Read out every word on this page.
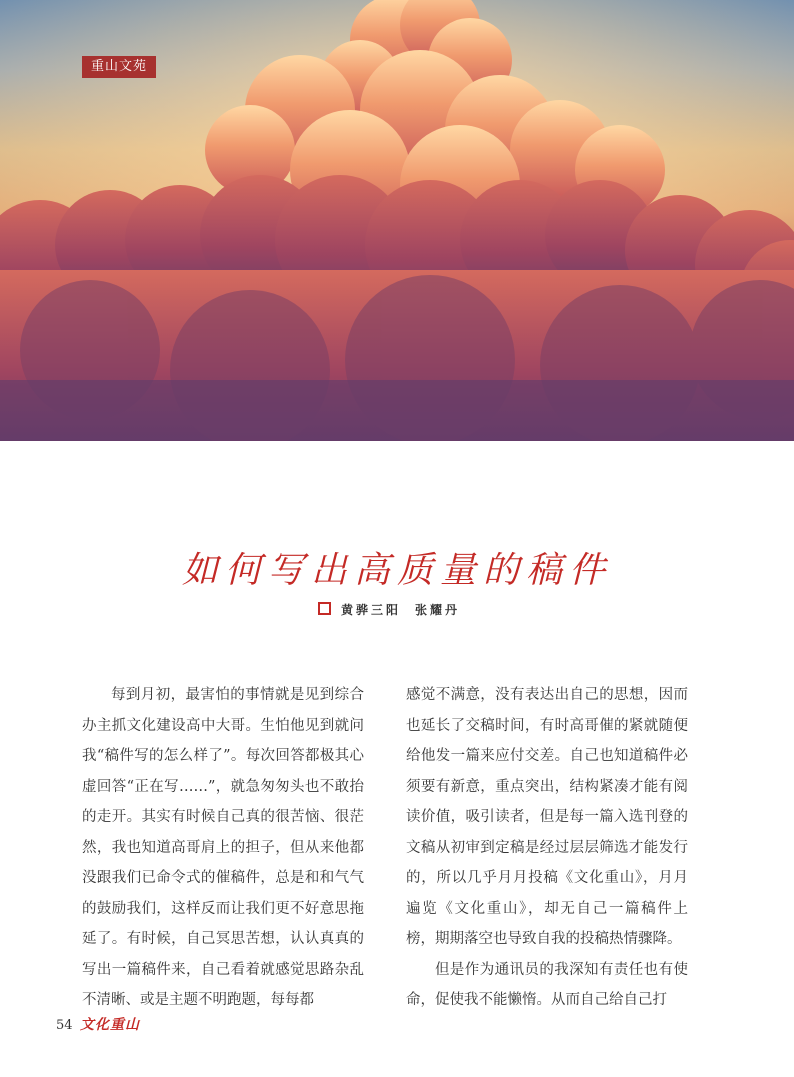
重山文苑
如何写出高质量的稿件
黄骅三阳 张耀丹

每到月初，最害怕的事情就是见到综合办主抓文化建设高中大哥。生怕他见到就问我“稿件写的怎么样了”。每次回答都极其心虚回答“正在写……”，就急匆匆头也不敢抬的走开。其实有时候自己真的很苦恼、很茫然，我也知道高哥肩上的担子，但从来他都没跟我们已命令式的催稿件，总是和和气气的鼓励我们，这样反而让我们更不好意思拖延了。有时候，自己冥思苦想，认认真真的写出一篇稿件来，自己看着就感觉思路杂乱不清晰、或是主题不明跑题，每每都

感觉不满意，没有表达出自己的思想，因而也延长了交稿时间，有时高哥催的紧就随便给他发一篇来应付交差。自己也知道稿件必须要有新意，重点突出，结构紧凑才能有阅读价值，吸引读者，但是每一篇入选刊登的文稿从初审到定稿是经过层层筛选才能发行的，所以几乎月月投稿《文化重山》，月月遍览《文化重山》，却无自己一篇稿件上榜，期期落空也导致自我的投稿热情骤降。

但是作为通讯员的我深知有责任也有使命，促使我不能懒惰。从而自己给自己打

54 文化重山
